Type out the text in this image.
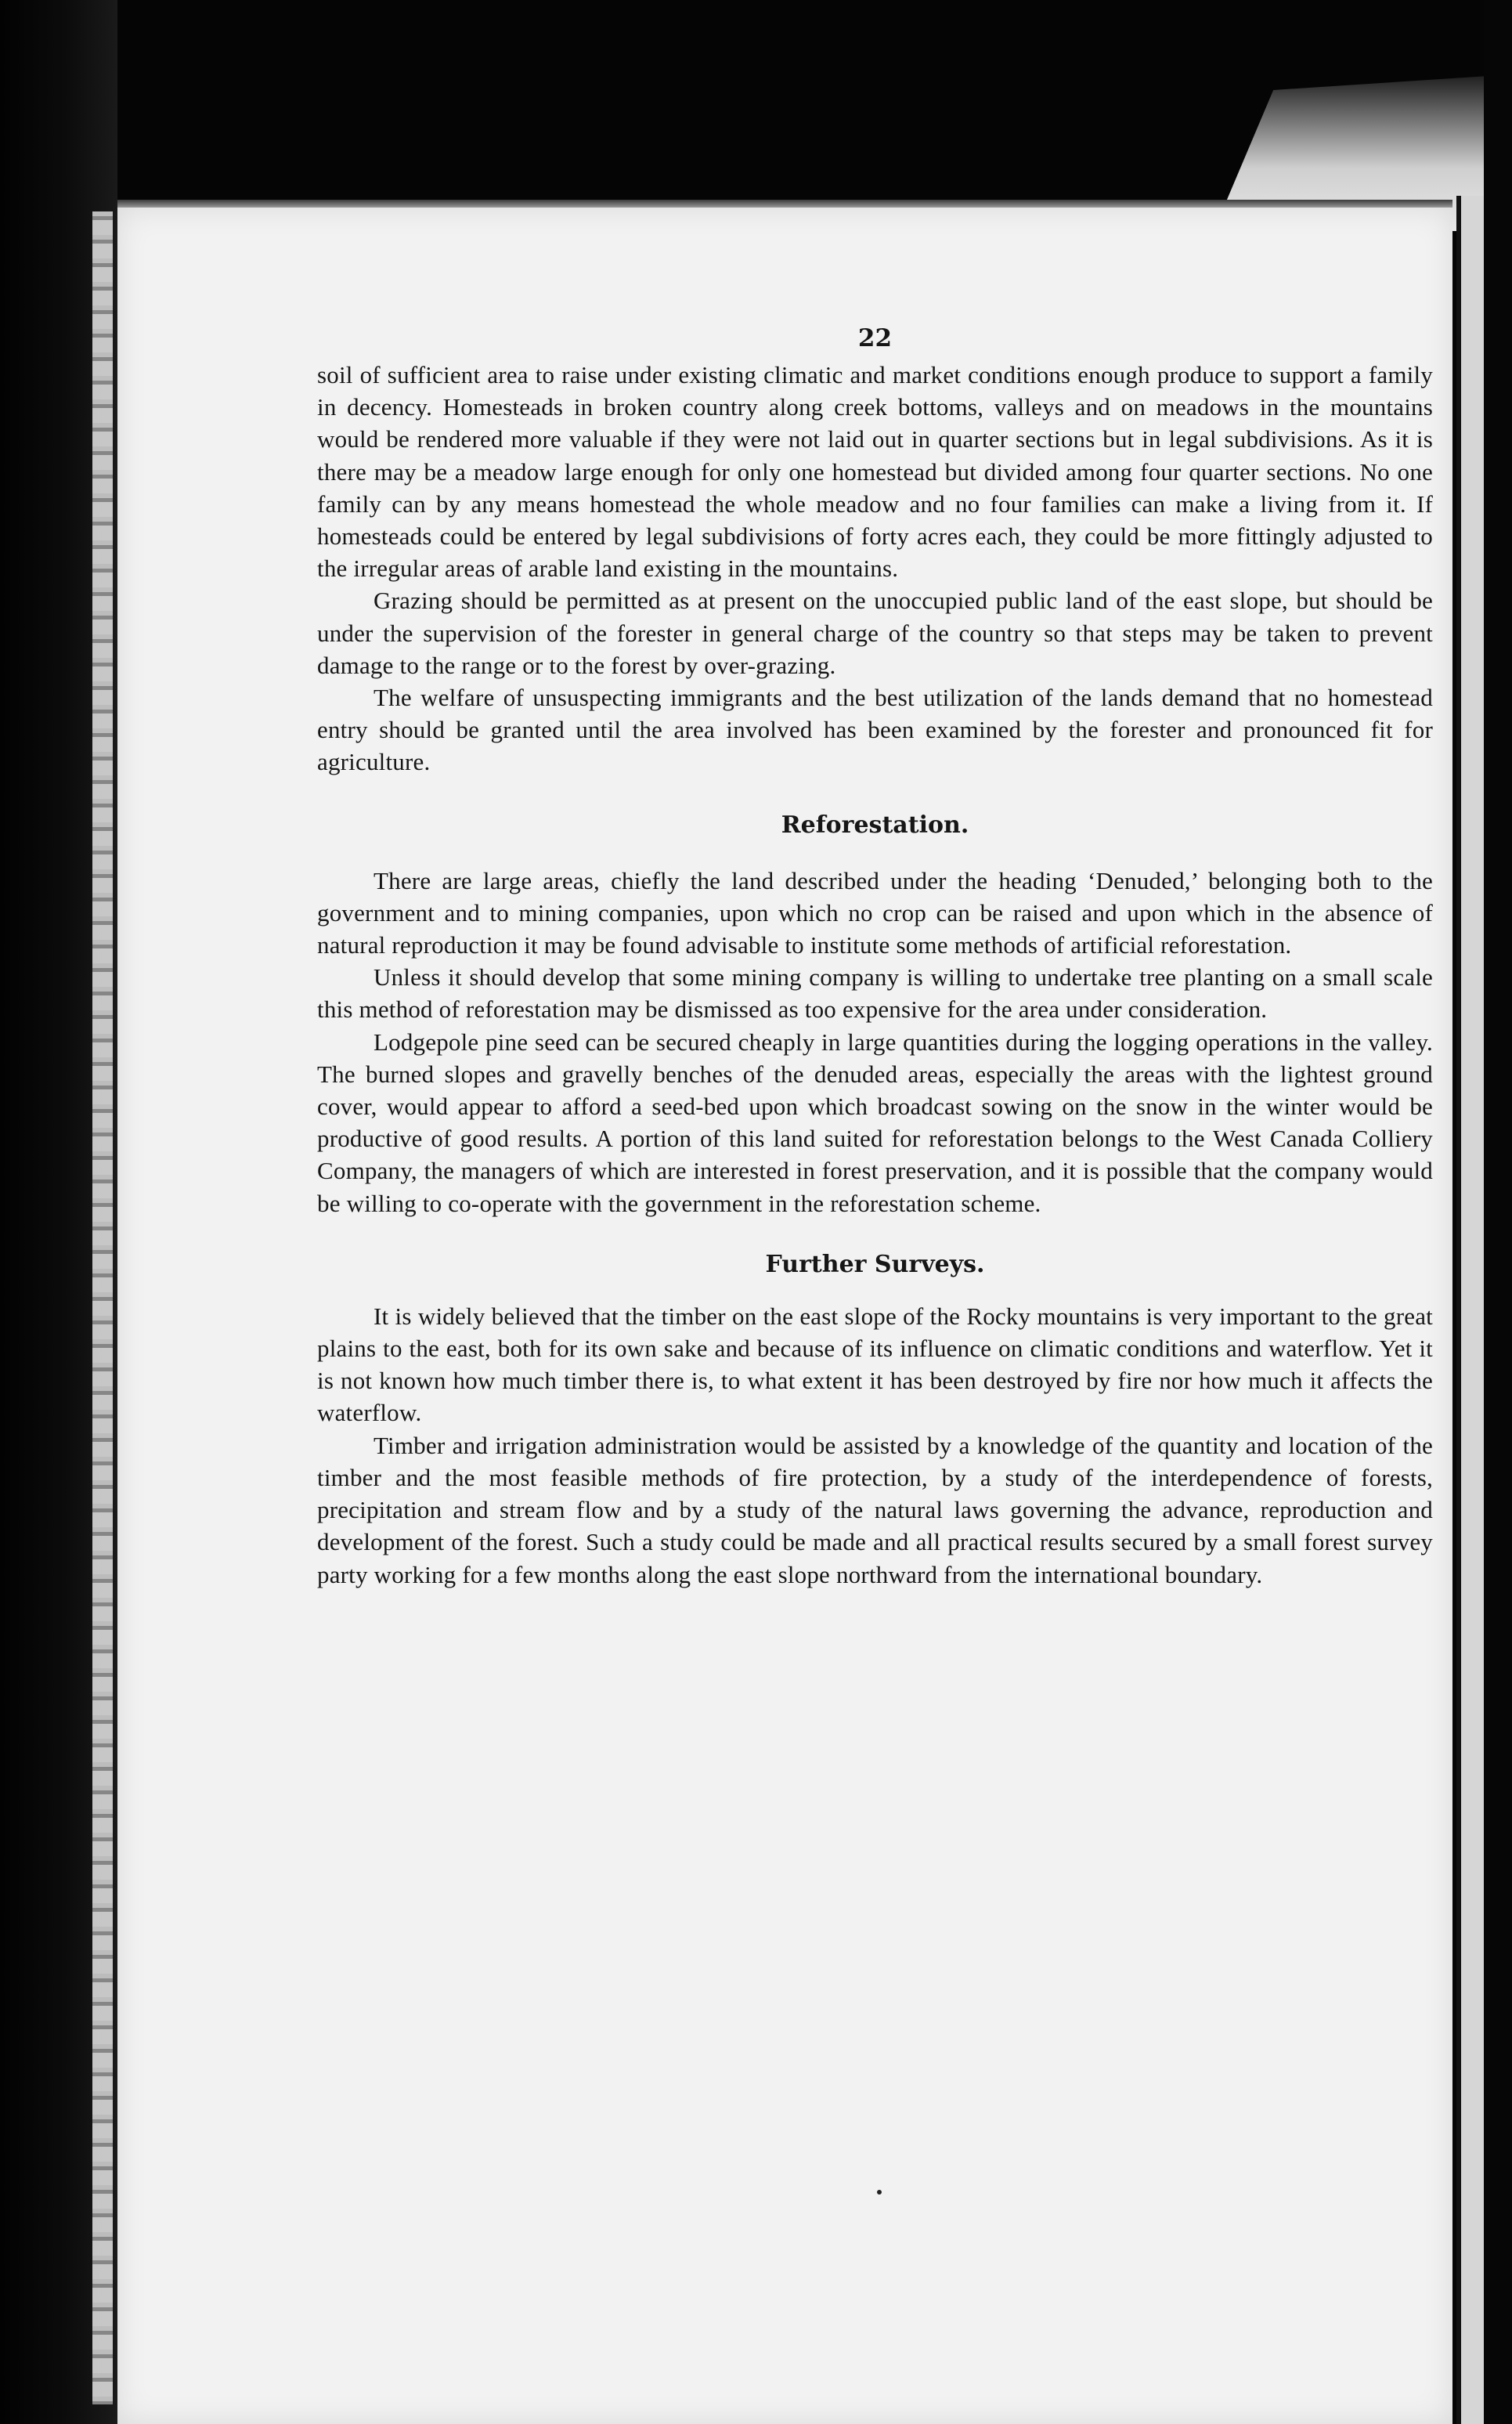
22

soil of sufficient area to raise under existing climatic and market conditions enough produce to support a family in decency. Homesteads in broken country along creek bottoms, valleys and on meadows in the mountains would be rendered more valuable if they were not laid out in quarter sections but in legal subdivisions. As it is there may be a meadow large enough for only one homestead but divided among four quarter sections. No one family can by any means homestead the whole meadow and no four families can make a living from it. If homesteads could be entered by legal subdivisions of forty acres each, they could be more fittingly adjusted to the irregular areas of arable land existing in the mountains.

Grazing should be permitted as at present on the unoccupied public land of the east slope, but should be under the supervision of the forester in general charge of the country so that steps may be taken to prevent damage to the range or to the forest by over-grazing.

The welfare of unsuspecting immigrants and the best utilization of the lands demand that no homestead entry should be granted until the area involved has been examined by the forester and pronounced fit for agriculture.

Reforestation.

There are large areas, chiefly the land described under the heading ‘Denuded,’ belonging both to the government and to mining companies, upon which no crop can be raised and upon which in the absence of natural reproduction it may be found advisable to institute some methods of artificial reforestation.

Unless it should develop that some mining company is willing to undertake tree planting on a small scale this method of reforestation may be dismissed as too expensive for the area under consideration.

Lodgepole pine seed can be secured cheaply in large quantities during the logging operations in the valley. The burned slopes and gravelly benches of the denuded areas, especially the areas with the lightest ground cover, would appear to afford a seed-bed upon which broadcast sowing on the snow in the winter would be productive of good results. A portion of this land suited for reforestation belongs to the West Canada Colliery Company, the managers of which are interested in forest preservation, and it is possible that the company would be willing to co-operate with the government in the reforestation scheme.

Further Surveys.

It is widely believed that the timber on the east slope of the Rocky mountains is very important to the great plains to the east, both for its own sake and because of its influence on climatic conditions and waterflow. Yet it is not known how much timber there is, to what extent it has been destroyed by fire nor how much it affects the waterflow.

Timber and irrigation administration would be assisted by a knowledge of the quantity and location of the timber and the most feasible methods of fire protection, by a study of the interdependence of forests, precipitation and stream flow and by a study of the natural laws governing the advance, reproduction and development of the forest. Such a study could be made and all practical results secured by a small forest survey party working for a few months along the east slope northward from the international boundary.
